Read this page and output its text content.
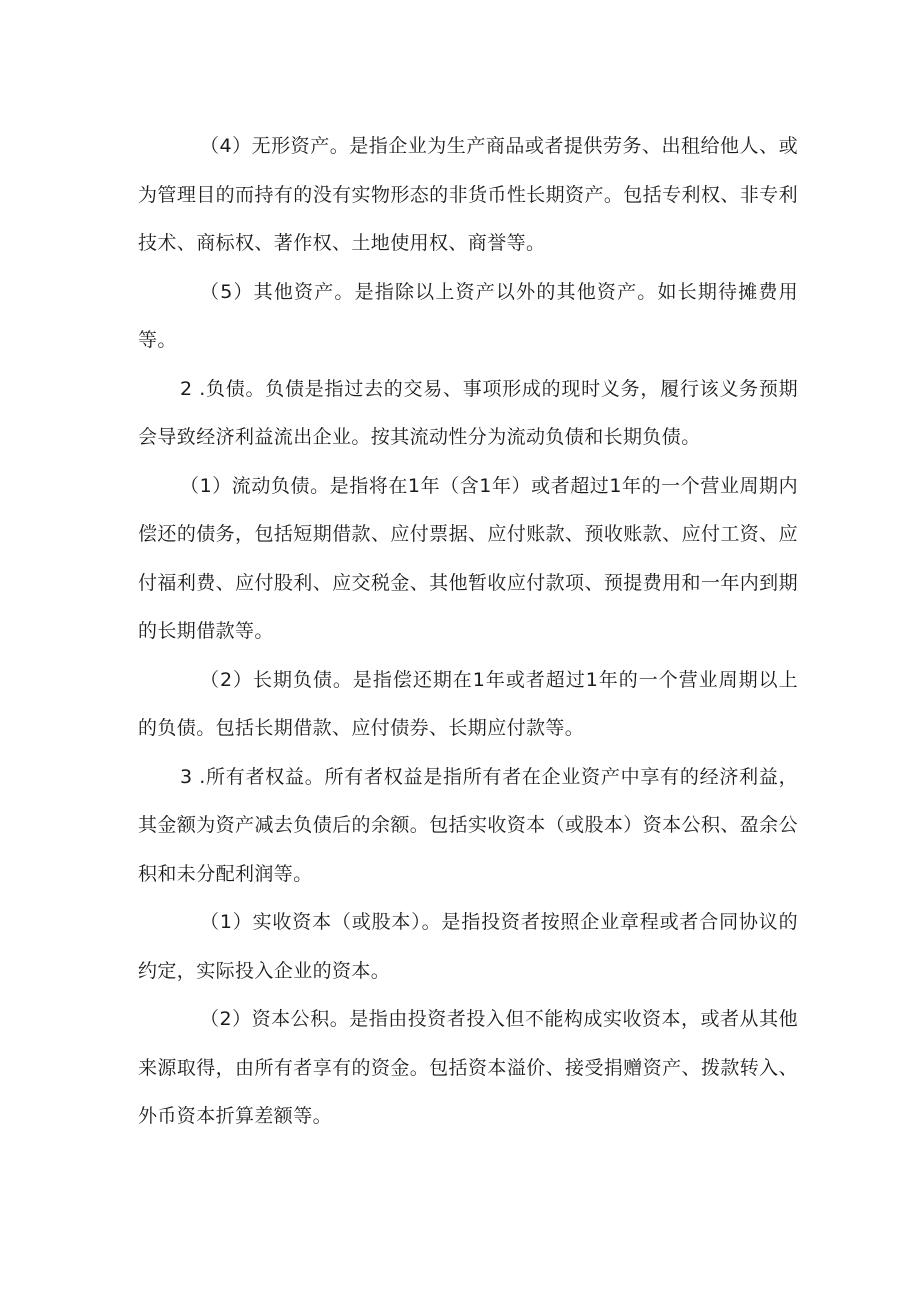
（4）无形资产。是指企业为生产商品或者提供劳务、出租给他人、或为管理目的而持有的没有实物形态的非货币性长期资产。包括专利权、非专利技术、商标权、著作权、土地使用权、商誉等。

（5）其他资产。是指除以上资产以外的其他资产。如长期待摊费用等。

2 .负债。负债是指过去的交易、事项形成的现时义务，履行该义务预期会导致经济利益流出企业。按其流动性分为流动负债和长期负债。

（1）流动负债。是指将在1年（含1年）或者超过1年的一个营业周期内偿还的债务，包括短期借款、应付票据、应付账款、预收账款、应付工资、应付福利费、应付股利、应交税金、其他暂收应付款项、预提费用和一年内到期的长期借款等。

（2）长期负债。是指偿还期在1年或者超过1年的一个营业周期以上的负债。包括长期借款、应付债券、长期应付款等。

3 .所有者权益。所有者权益是指所有者在企业资产中享有的经济利益，其金额为资产减去负债后的余额。包括实收资本（或股本）资本公积、盈余公积和未分配利润等。

（1）实收资本（或股本）。是指投资者按照企业章程或者合同协议的约定，实际投入企业的资本。

（2）资本公积。是指由投资者投入但不能构成实收资本，或者从其他来源取得，由所有者享有的资金。包括资本溢价、接受捐赠资产、拨款转入、外币资本折算差额等。
